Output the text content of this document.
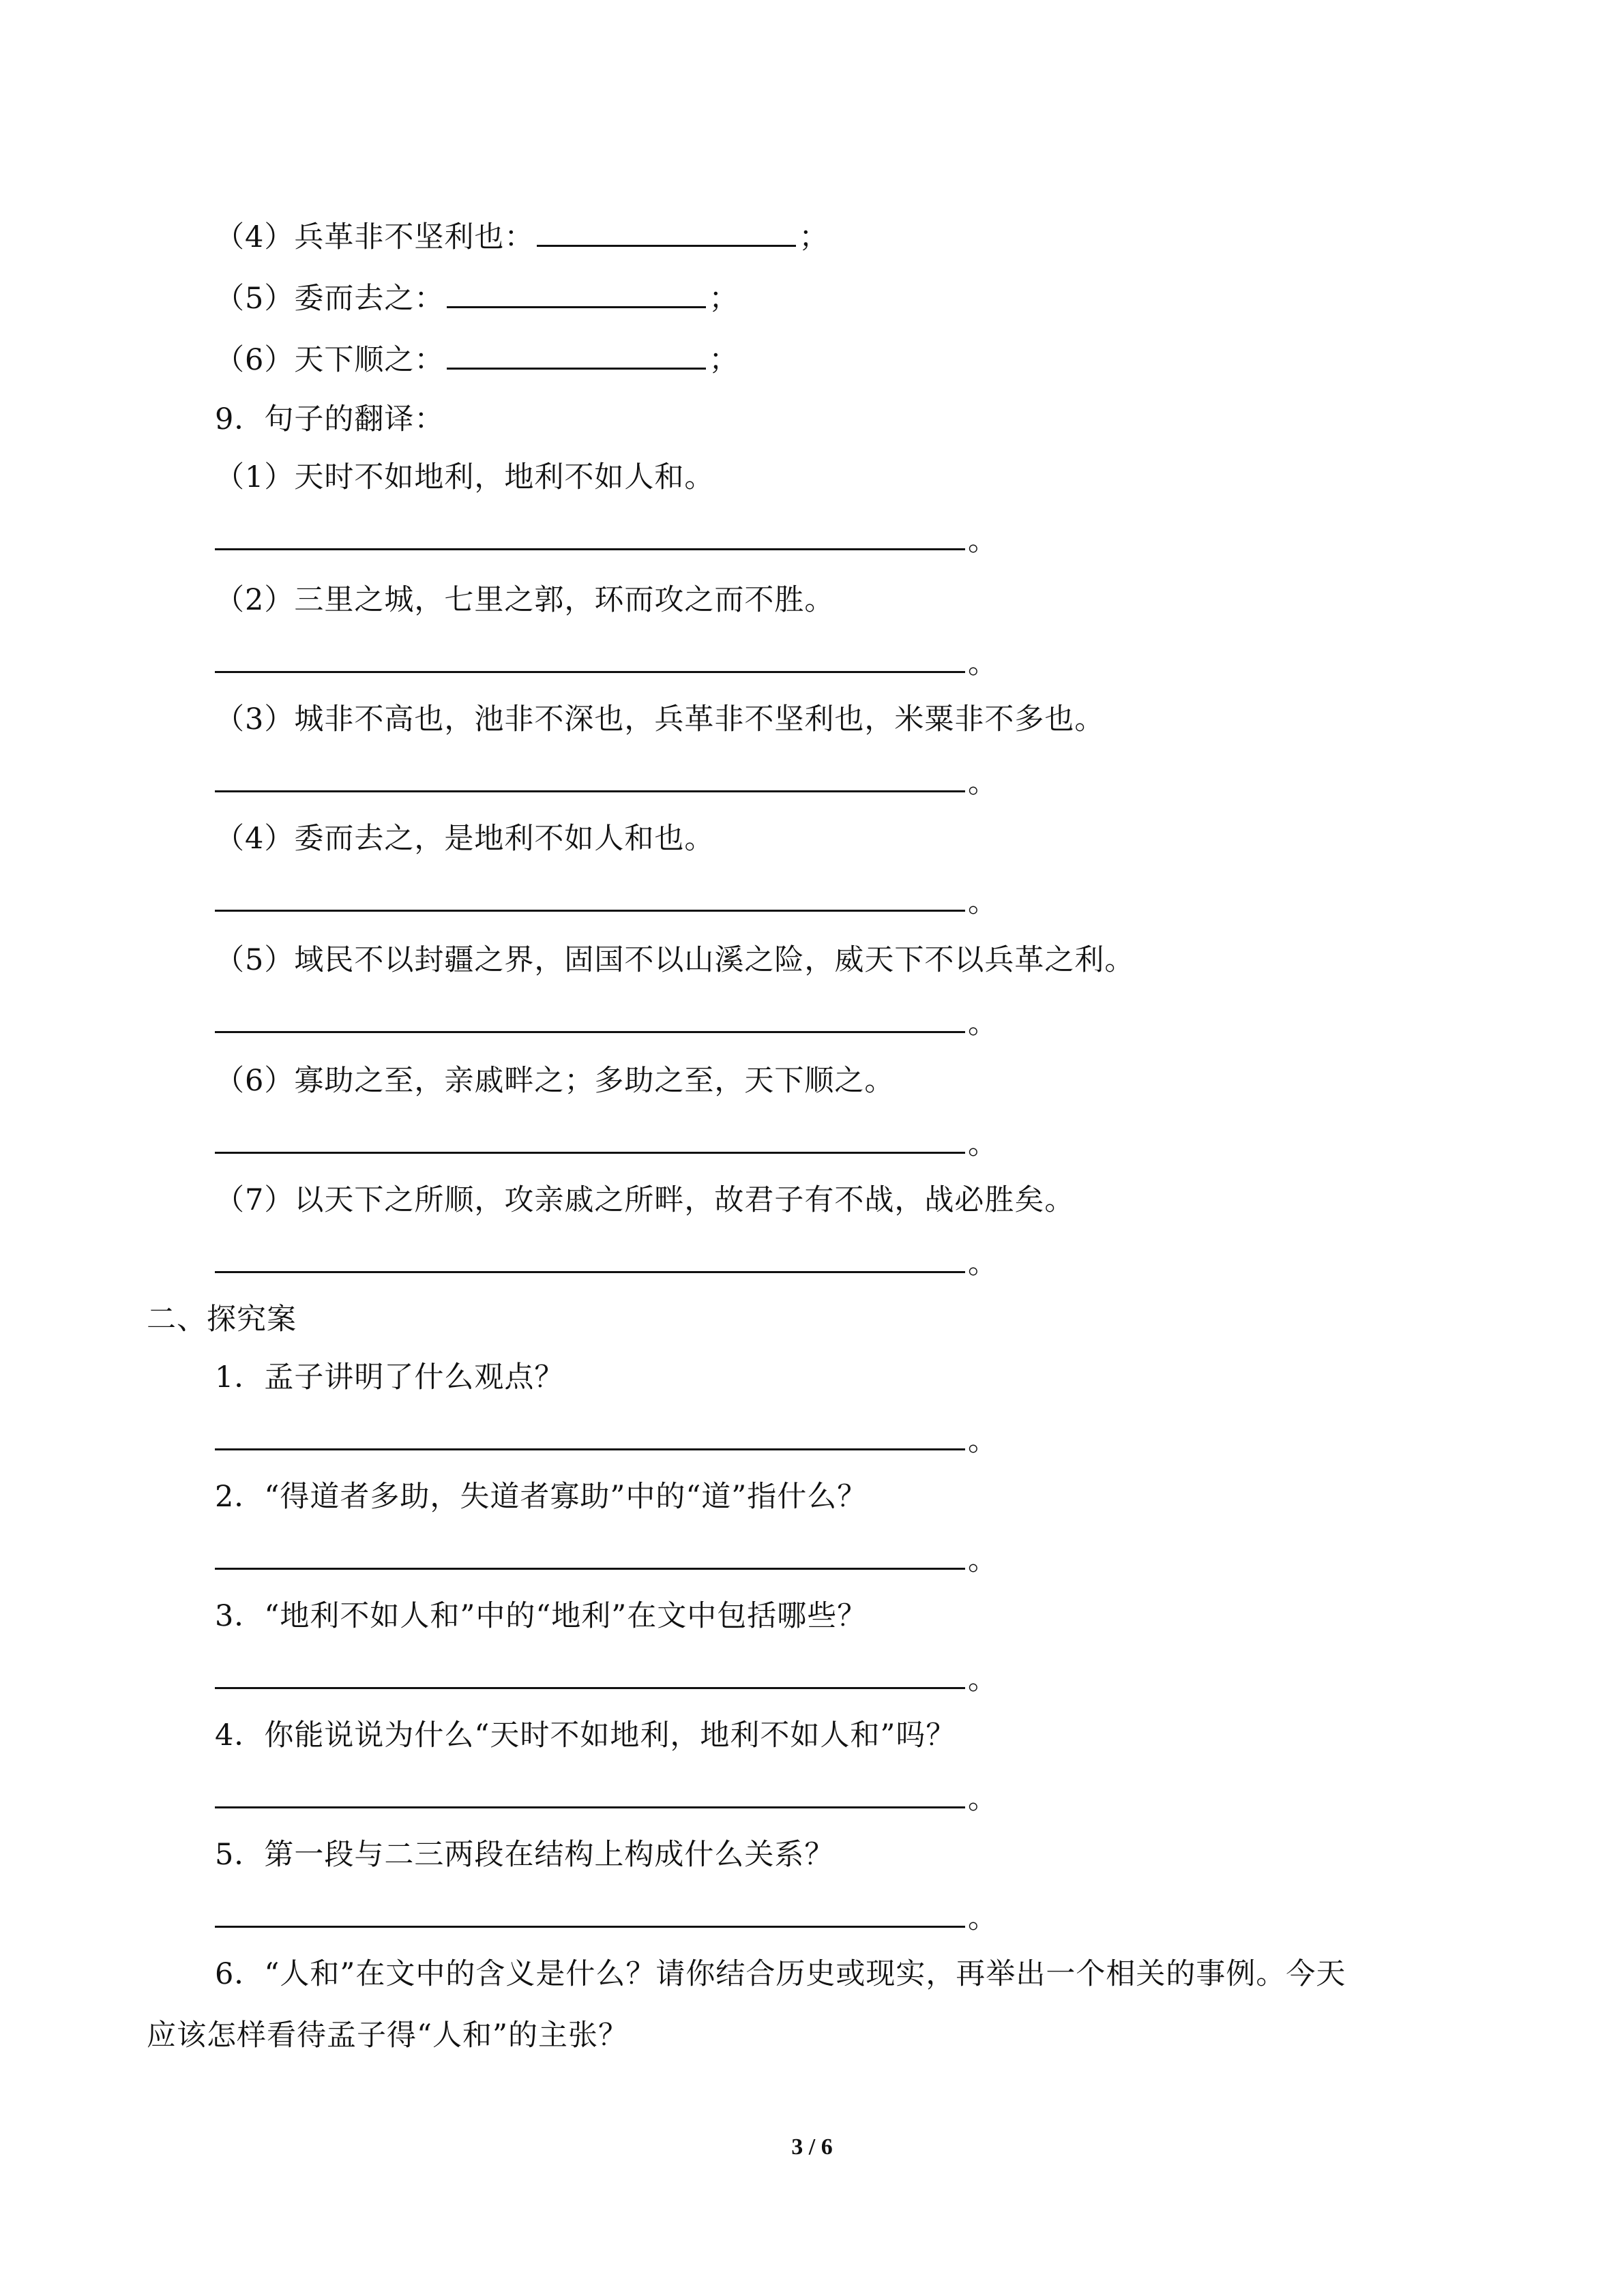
（4）兵革非不坚利也：	；
（5）委而去之：	；
（6）天下顺之：	；
9．句子的翻译：
（1）天时不如地利，地利不如人和。
。
（2）三里之城，七里之郭，环而攻之而不胜。
。
（3）城非不高也，池非不深也，兵革非不坚利也，米粟非不多也。
。
（4）委而去之，是地利不如人和也。
。
（5）域民不以封疆之界，固国不以山溪之险，威天下不以兵革之利。
。
（6）寡助之至，亲戚畔之；多助之至，天下顺之。
。
（7）以天下之所顺，攻亲戚之所畔，故君子有不战，战必胜矣。
。
二、探究案
1．孟子讲明了什么观点？
。
2．“得道者多助，失道者寡助”中的“道”指什么？
。
3．“地利不如人和”中的“地利”在文中包括哪些？
。
4．你能说说为什么“天时不如地利，地利不如人和”吗？
。
5．第一段与二三两段在结构上构成什么关系？
。
6．“人和”在文中的含义是什么？请你结合历史或现实，再举出一个相关的事例。今天
应该怎样看待孟子得“人和”的主张？
3 / 6
